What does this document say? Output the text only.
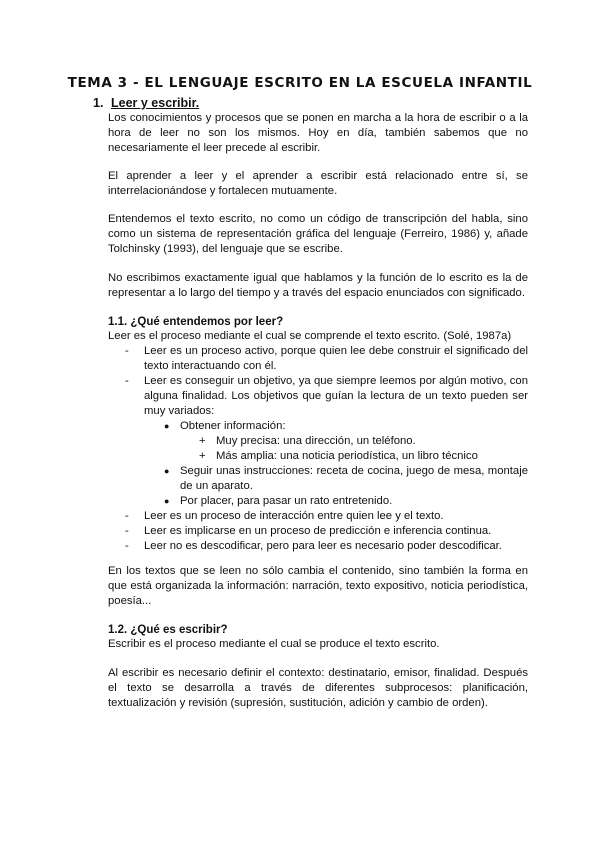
TEMA 3 - EL LENGUAJE ESCRITO EN LA ESCUELA INFANTIL
1. Leer y escribir.

Los conocimientos y procesos que se ponen en marcha a la hora de escribir o a la hora de leer no son los mismos. Hoy en día, también sabemos que no necesariamente el leer precede al escribir.

El aprender a leer y el aprender a escribir está relacionado entre sí, se interrelacionándose y fortalecen mutuamente.

Entendemos el texto escrito, no como un código de transcripción del habla, sino como un sistema de representación gráfica del lenguaje (Ferreiro, 1986) y, añade Tolchinsky (1993), del lenguaje que se escribe.

No escribimos exactamente igual que hablamos y la función de lo escrito es la de representar a lo largo del tiempo y a través del espacio enunciados con significado.

1.1. ¿Qué entendemos por leer?

Leer es el proceso mediante el cual se comprende el texto escrito. (Solé, 1987a)

- Leer es un proceso activo, porque quien lee debe construir el significado del texto interactuando con él.
- Leer es conseguir un objetivo, ya que siempre leemos por algún motivo, con alguna finalidad. Los objetivos que guían la lectura de un texto pueden ser muy variados:
● Obtener información:
+ Muy precisa: una dirección, un teléfono.
+ Más amplia: una noticia periodística, un libro técnico
● Seguir unas instrucciones: receta de cocina, juego de mesa, montaje de un aparato.
● Por placer, para pasar un rato entretenido.
- Leer es un proceso de interacción entre quien lee y el texto.
- Leer es implicarse en un proceso de predicción e inferencia continua.
- Leer no es descodificar, pero para leer es necesario poder descodificar.

En los textos que se leen no sólo cambia el contenido, sino también la forma en que está organizada la información: narración, texto expositivo, noticia periodística, poesía...

1.2. ¿Qué es escribir?

Escribir es el proceso mediante el cual se produce el texto escrito.

Al escribir es necesario definir el contexto: destinatario, emisor, finalidad. Después el texto se desarrolla a través de diferentes subprocesos: planificación, textualización y revisión (supresión, sustitución, adición y cambio de orden).
